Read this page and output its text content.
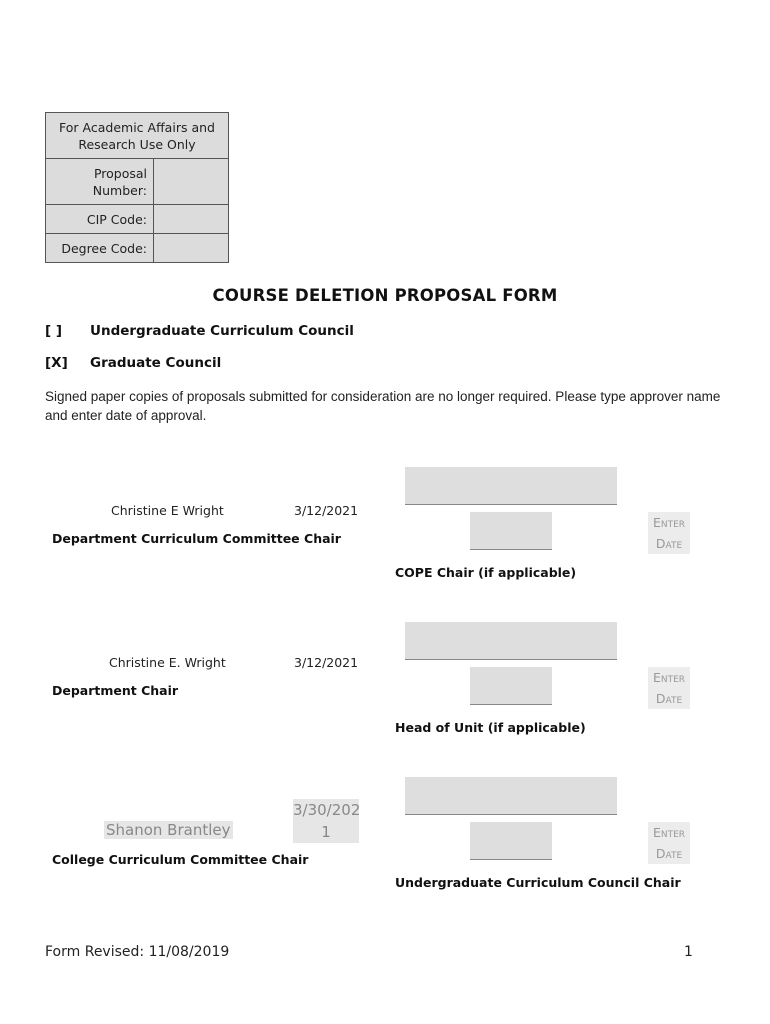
For Academic Affairs and Research Use Only	
Proposal Number:	
CIP Code:	
Degree Code:	
COURSE DELETION PROPOSAL FORM
[ ] Undergraduate Curriculum Council
[X] Graduate Council
Signed paper copies of proposals submitted for consideration are no longer required. Please type approver name and enter date of approval.
Christine E Wright	3/12/2021
Department Curriculum Committee Chair
Christine E. Wright	3/12/2021
Department Chair
Shanon Brantley
3/30/202
1
College Curriculum Committee Chair
Enter
Date
COPE Chair (if applicable)
Enter
Date
Head of Unit (if applicable)
Enter
Date
Undergraduate Curriculum Council Chair
Form Revised: 11/08/2019	1
